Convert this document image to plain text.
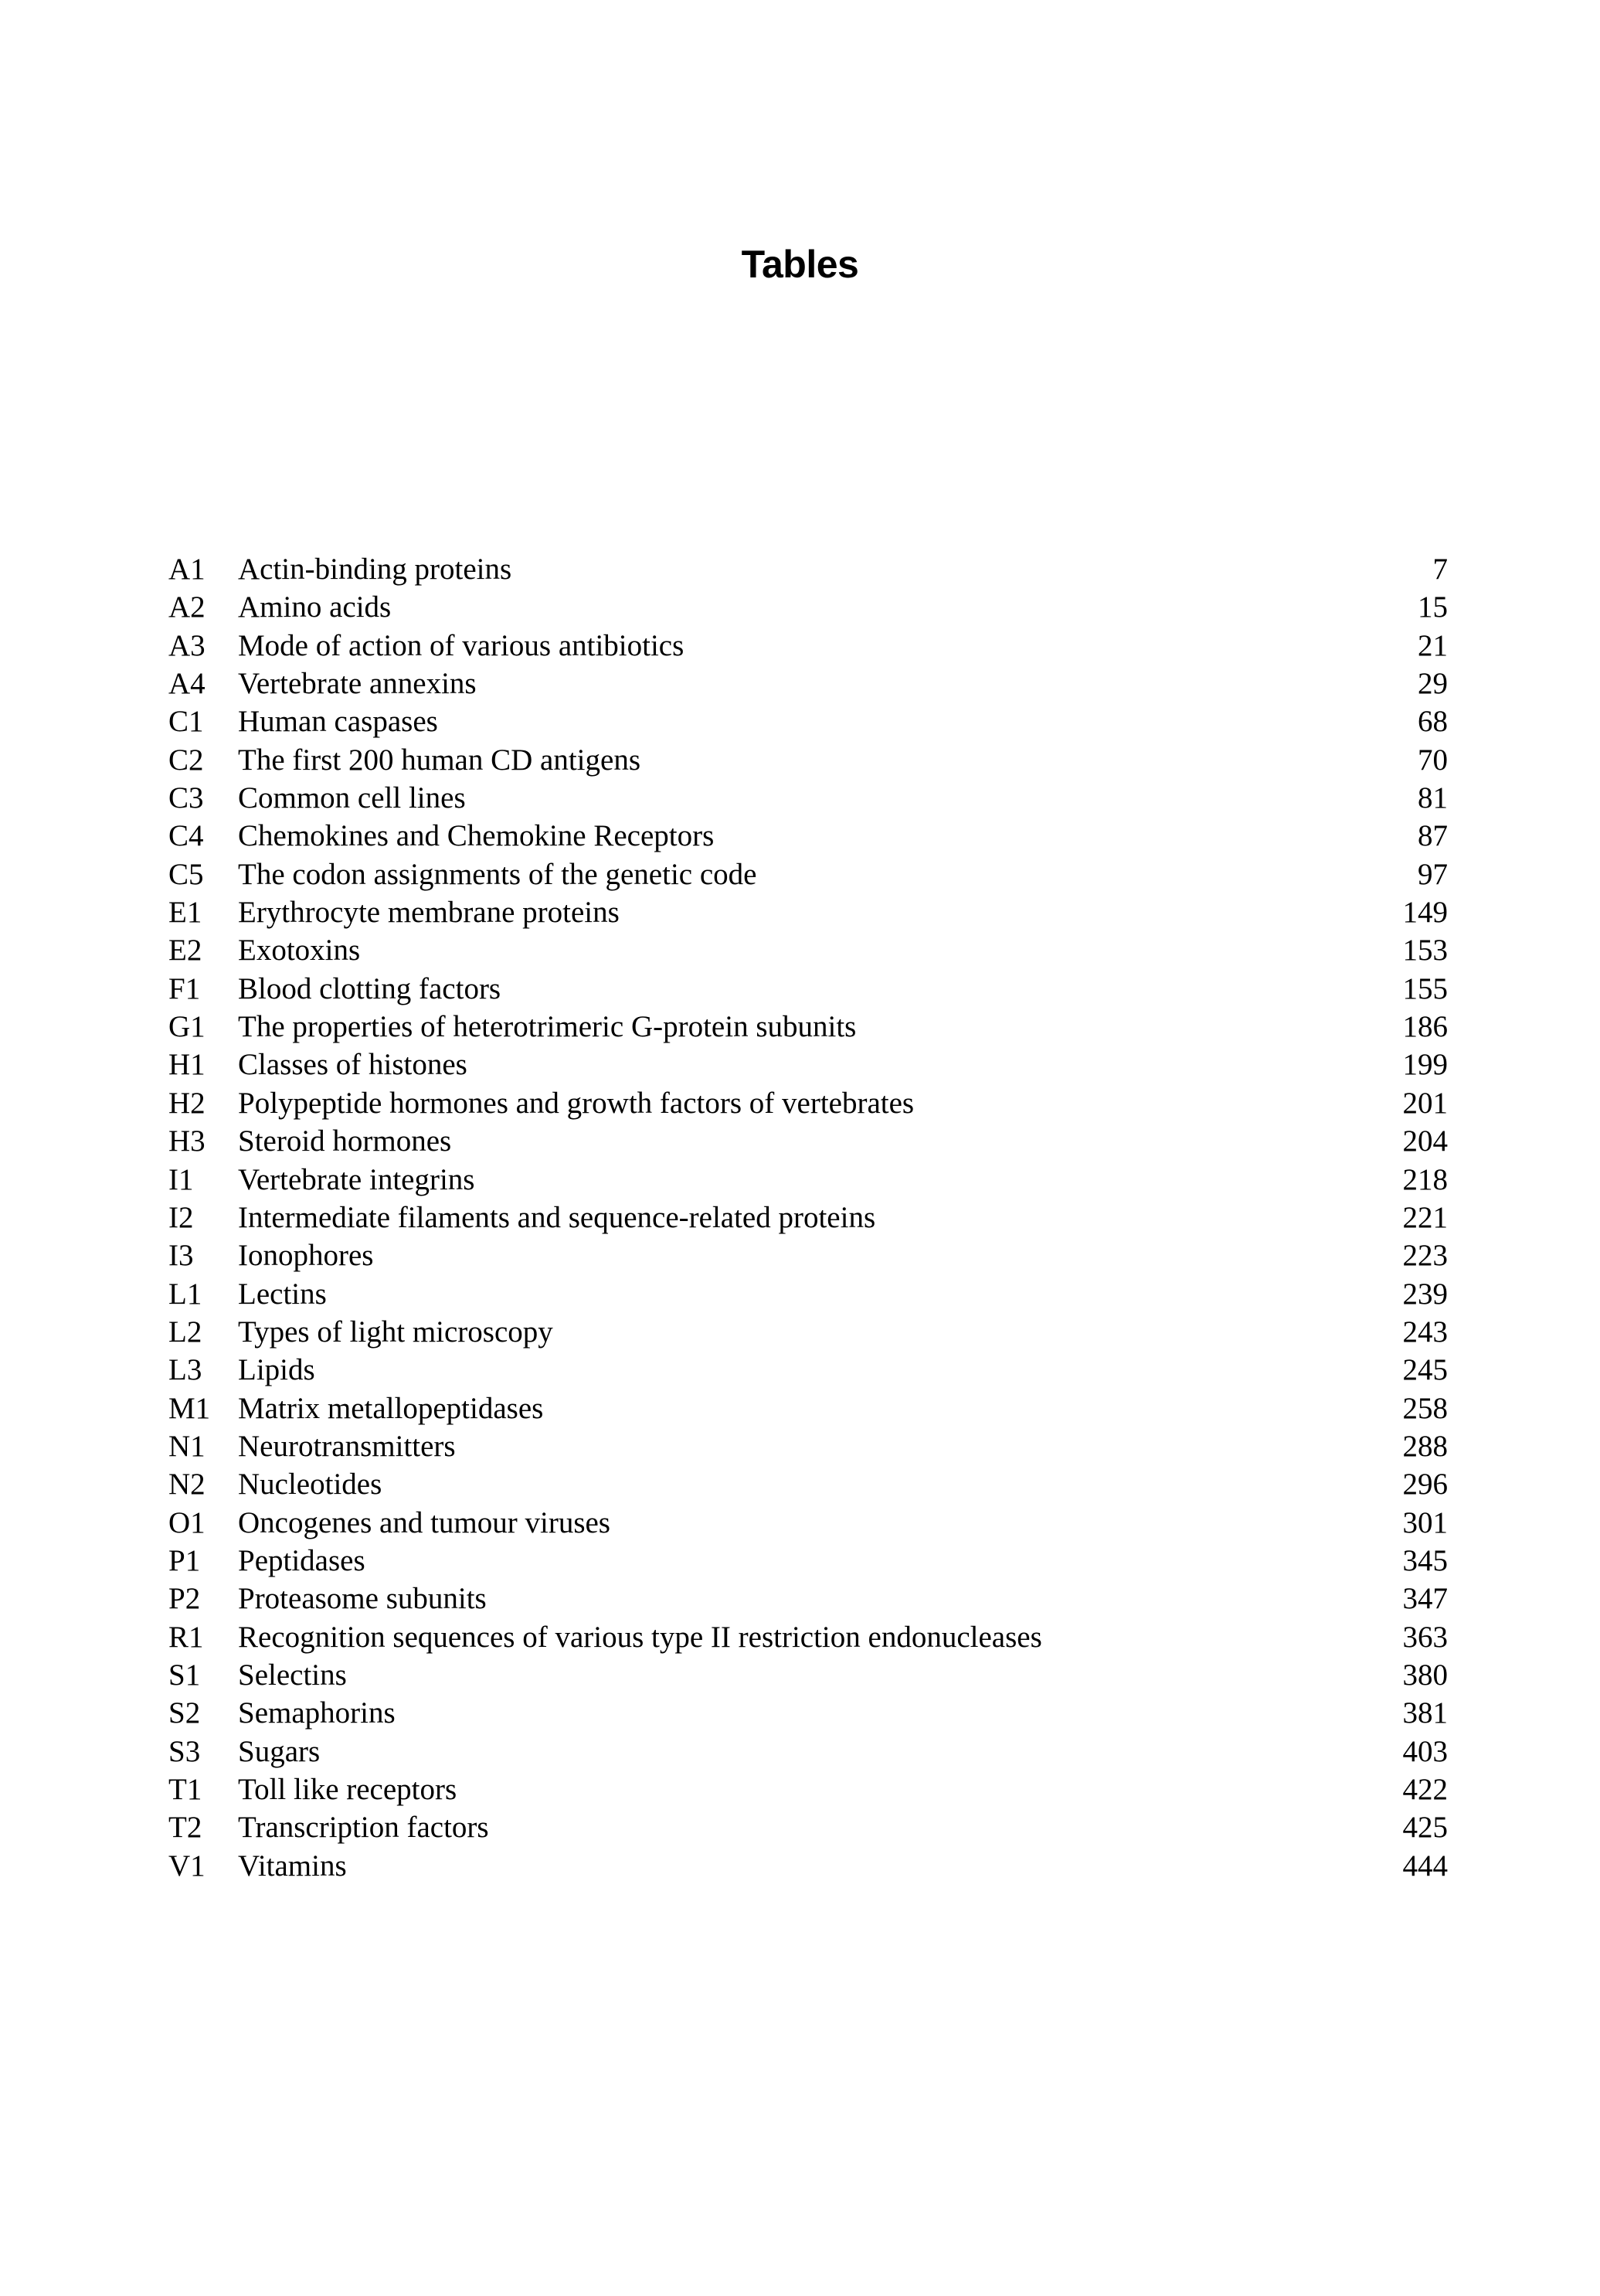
Tables
A1	Actin-binding proteins	7
A2	Amino acids	15
A3	Mode of action of various antibiotics	21
A4	Vertebrate annexins	29
C1	Human caspases	68
C2	The first 200 human CD antigens	70
C3	Common cell lines	81
C4	Chemokines and Chemokine Receptors	87
C5	The codon assignments of the genetic code	97
E1	Erythrocyte membrane proteins	149
E2	Exotoxins	153
F1	Blood clotting factors	155
G1	The properties of heterotrimeric G-protein subunits	186
H1	Classes of histones	199
H2	Polypeptide hormones and growth factors of vertebrates	201
H3	Steroid hormones	204
I1	Vertebrate integrins	218
I2	Intermediate filaments and sequence-related proteins	221
I3	Ionophores	223
L1	Lectins	239
L2	Types of light microscopy	243
L3	Lipids	245
M1 Matrix metallopeptidases	258
N1	Neurotransmitters	288
N2	Nucleotides	296
O1	Oncogenes and tumour viruses	301
P1	Peptidases	345
P2	Proteasome subunits	347
R1	Recognition sequences of various type II restriction endonucleases	363
S1	Selectins	380
S2	Semaphorins	381
S3	Sugars	403
T1	Toll like receptors	422
T2	Transcription factors	425
V1	Vitamins	444
